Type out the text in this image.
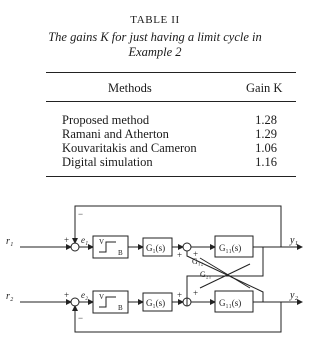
TABLE II
The gains K for just having a limit cycle in
Example 2
Methods	Gain K
Proposed method	1.28
Ramani and Atherton	1.29
Kouvaritakis and Cameron	1.06
Digital simulation	1.16
r₁
r₂
+
+
−
−
e₁
e₂
V
B
V
B
G₁(s)
G₁(s)
G₁₁(s)
G₁₁(s)
G₁₂
G₂₁
+ +
+ +
y₁
y₂
